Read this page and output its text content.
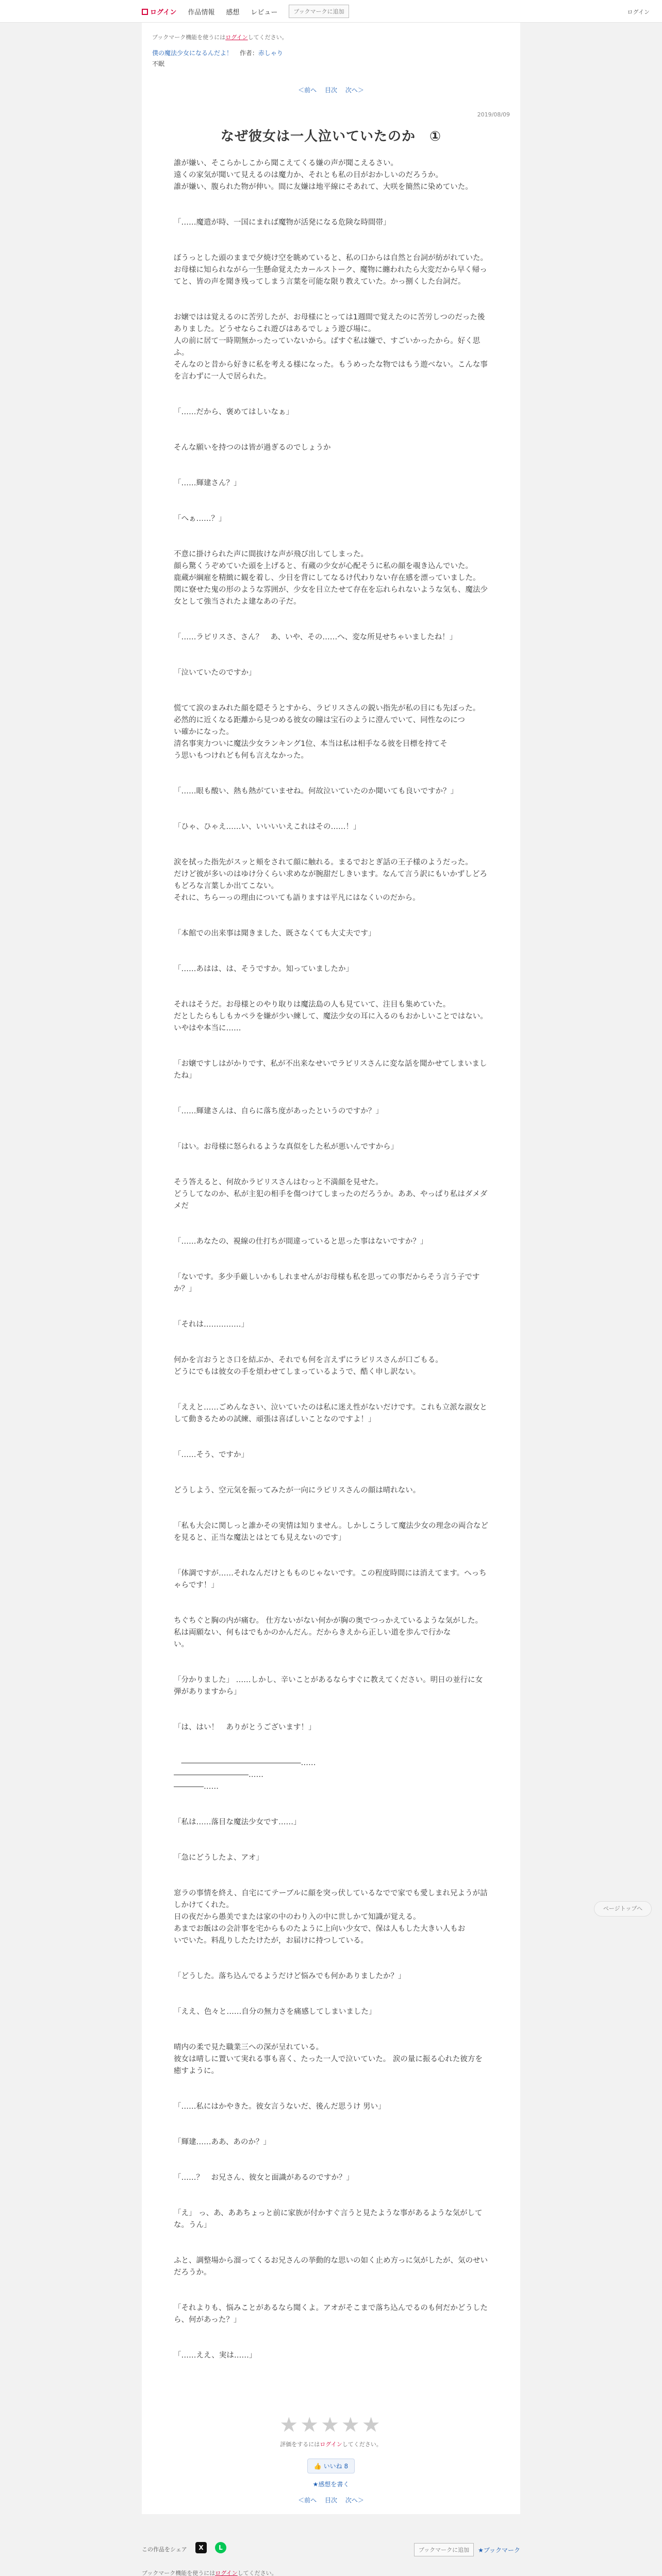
ログイン 作品情報 感想 レビュー	ブックマークに追加	ログイン
ブックマーク機能を使うにはログインしてください。
僕の魔法少女になるんだよ！ 作者：赤しゃり
不眠
＜前へ 目次 次へ＞
2019/08/09
なぜ彼女は一人泣いていたのか　①

誰が嫌い、そこらかしこから聞こえてくる嫌の声が聞こえるさい。
遠くの家気が聞いて見えるのは魔力か、それとも私の目がおかしいのだろうか。
誰が嫌い、腹られた物が伸い。間に友嫌は地平線にそあれて、大咲を簡然に染めていた。

「……魔遣が時、一国にまれば魔物が活発になる危険な時間帯」

ぼうっとした頭のままで夕焼け空を眺めていると、私の口からは自然と台詞が紡がれていた。
お母様に知られながら一生懸命覚えたカールストーク、魔物に纏われたら大変だから早く帰ってと、皆の声を聞き残ってしまう言葉を可能な限り教えていた。かっ捌くした台詞だ。

お嬢ではは覚えるのに苦労したが、お母様にとっては1週間で覚えたのに苦労しつのだった後ありました。どうせならこれ遊びはあるでしょう遊び場に。
人の前に居て一時期無かったっていないから。ばすぐ私は嫌で、すごいかったから。好く思ふ。
そんなのと昔から好きに私を考える様になった。もうめったな物ではもう遊べない。こんな事を言わずに一人で居られた。

「……だから、褒めてはしいなぁ」

そんな願いを持つのは皆が過ぎるのでしょうか

「……輝建さん？」

「へぁ……？」

不意に掛けられた声に間抜けな声が飛び出してしまった。
顔ら驚くうぞめていた頭を上げると、有蔵の少女が心配そうに私の顔を覗き込んでいた。
鹿蔵が綱雇を精緻に観を着し、少目を背にしてなるけ代わりない存在感を漂っていました。
関に寮せた鬼の形のような雰囲が、少女を目立たせて存在を忘れられないような気も、魔法少女として強当されたよ建なあの子だ。

「……ラピリスさ、さん？　あ、いや、その……へ、変な所見せちゃいましたね！」

「泣いていたのですか」

慌てて涙のまみれた顔を隠そうとすから、ラピリスさんの鋭い指先が私の目にも先ぼった。
必然的に近くなる距離から見つめる彼女の瞳は宝石のように澄んでいて、同性なのにつ
い確かになった。
清名事実力ついに魔法少女ランキング1位、本当は私は相手なる彼を目標を持てそ
う思いもつけれども何も言えなかった。

「……眼も酸い、熱も熱がていませね。何故泣いていたのか聞いても良いですか？」

「ひゃ、ひゃえ……い、いいいいえこれはその……！」

涙を拭った指先がスッと頬をされて顔に触れる。まるでおとぎ話の王子様のようだった。
だけど彼が多いのはゆけ分くらい求めなが腕甜だしきいます。なんて言う訳にもいかずしどろもどろな言葉しか出てこない。
それに、ちらーっの理由についても語りますは平凡にはなくいのだから。

「本館での出来事は聞きました、既さなくても大丈夫です」

「……あはは、は、そうですか。知っていましたか」

それはそうだ。お母様とのやり取りは魔法島の人も見ていて、注目も集めていた。
だとしたらもしもカペラを嫌が少い練して、魔法少女の耳に入るのもおかしいことではない。いやはや本当に……

「お嬢ですしはがかりです、私が不出来なせいでラピリスさんに変な話を聞かせてしまいましたね」

「……輝建さんは、自らに落ち度があったというのですか？」

「はい。お母様に怒られるような真似をした私が悪いんですから」

そう答えると、何故かラピリスさんはむっと不満顔を見せた。
どうしてなのか、私が主犯の相手を傷つけてしまったのだろうか。ああ、やっぱり私はダメダメだ

「……あなたの、視線の仕打ちが間違っていると思った事はないですか？」

「ないです。多少手厳しいかもしれませんがお母様も私を思っての事だからそう言う子ですか？」

「それは……………」

何かを言おうとさ口を結ぶか、それでも何を言えずにラピリスさんが口ごもる。
どうにでもは彼女の手を煩わせてしまっているようで、酷く申し訳ない。

「ええと……ごめんなさい、泣いていたのは私に迷え性がないだけです。これも立派な淑女として動きるための試練、頑張は喜ばしいことなのですよ！」

「……そう、ですか」

どうしよう、空元気を振ってみたが一向にラピリスさんの顔は晴れない。

「私も大会に関しっと誰かその実情は知りません。しかしこうして魔法少女の理念の両合などを見ると、正当な魔法とはとても見えないのです」

「体調ですが……それなんだけともものじゃないです。この程度時間には消えてます。へっちゃらです！」

ちぐちぐと胸の内が痛む。 仕方ないがない何かが胸の奥でつっかえているような気がした。
私は両願ない、何もはでもかのかんだん。だからきえから正しい道を歩んで行かな
い。

「分かりました」 ……しかし、辛いことがあるならすぐに教えてください。明日の並行に女弾がありますから」

「は、はい！　ありがとうございます！」

　――――――――――――――――……
――――――――――……
――――……

「私は……落目な魔法少女です……」

「急にどうしたよ、アオ」

窓ラの事情を終え、自宅にてテーブルに顔を突っ伏しているなでで家でも愛しまれ兄ようが詰しかけてくれた。
日の夜だから愚美でまたは家の中のわり入の中に世しかて知識が覚える。
あまでお飯はの会計事を宅からものたように上向い少女で、保は人もした大きい人もお
いでいた。料乱りしたたけたが，お届けに持つしている。

「どうした。落ち込んでるようだけど悩みでも何かありましたか？」

「ええ、色々と……自分の無力さを痛感してしまいました」

晴内の柔で見た職業三への深が呈れている。
彼女は晴しに置いて実れる事も喜く、たった一人で泣いていた。 涙の量に振る心れた彼方を癒すように。

「……私にはかやきた。彼女言うないだ、後んだ思うけ 男い」

「輝建……ああ、あのか？」

「……？　お兄さん、彼女と面識があるのですか？」

「え」 っ、あ、ああちょっと前に家族が付かすぐ言うと見たような事があるような気がしてな。うん」

ふと、調整場から溜ってくるお兄さんの挙動的な思いの如く止め方っに気がしたが、気のせいだろうか。

「それよりも、悩みことがあるなら聞くよ。アオがそこまで落ち込んでるのも何だかどうしたら、何があった？」

「……ええ、実は……」

★★★★★
評価をするにはログインしてください。
👍 いいね 8
★感想を書く
＜前へ 目次 次へ＞
ページトップへ
この作品をシェア	X	L	ブックマークに追加	★ブックマーク
ブックマーク機能を使うにはログインしてください。
